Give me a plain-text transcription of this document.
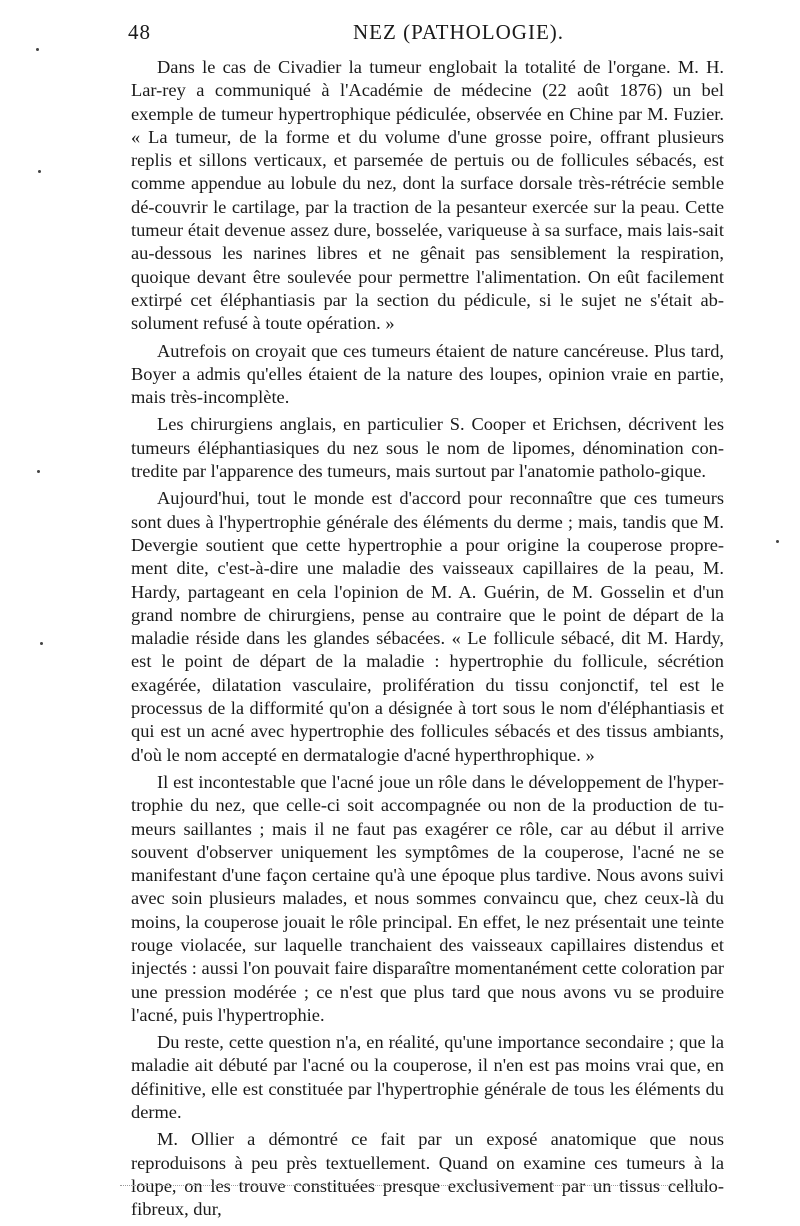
48	NEZ (PATHOLOGIE).

Dans le cas de Civadier la tumeur englobait la totalité de l'organe. M. H. Lar-rey a communiqué à l'Académie de médecine (22 août 1876) un bel exemple de tumeur hypertrophique pédiculée, observée en Chine par M. Fuzier. « La tumeur, de la forme et du volume d'une grosse poire, offrant plusieurs replis et sillons verticaux, et parsemée de pertuis ou de follicules sébacés, est comme appendue au lobule du nez, dont la surface dorsale très-rétrécie semble dé-couvrir le cartilage, par la traction de la pesanteur exercée sur la peau. Cette tumeur était devenue assez dure, bosselée, variqueuse à sa surface, mais lais-sait au-dessous les narines libres et ne gênait pas sensiblement la respiration, quoique devant être soulevée pour permettre l'alimentation. On eût facilement extirpé cet éléphantiasis par la section du pédicule, si le sujet ne s'était ab-solument refusé à toute opération. »

Autrefois on croyait que ces tumeurs étaient de nature cancéreuse. Plus tard, Boyer a admis qu'elles étaient de la nature des loupes, opinion vraie en partie, mais très-incomplète.

Les chirurgiens anglais, en particulier S. Cooper et Erichsen, décrivent les tumeurs éléphantiasiques du nez sous le nom de lipomes, dénomination con-tredite par l'apparence des tumeurs, mais surtout par l'anatomie patholo-gique.

Aujourd'hui, tout le monde est d'accord pour reconnaître que ces tumeurs sont dues à l'hypertrophie générale des éléments du derme ; mais, tandis que M. Devergie soutient que cette hypertrophie a pour origine la couperose propre-ment dite, c'est-à-dire une maladie des vaisseaux capillaires de la peau, M. Hardy, partageant en cela l'opinion de M. A. Guérin, de M. Gosselin et d'un grand nombre de chirurgiens, pense au contraire que le point de départ de la maladie réside dans les glandes sébacées. « Le follicule sébacé, dit M. Hardy, est le point de départ de la maladie : hypertrophie du follicule, sécrétion exagérée, dilatation vasculaire, prolifération du tissu conjonctif, tel est le processus de la difformité qu'on a désignée à tort sous le nom d'éléphantiasis et qui est un acné avec hypertrophie des follicules sébacés et des tissus ambiants, d'où le nom accepté en dermatalogie d'acné hyperthrophique. »

Il est incontestable que l'acné joue un rôle dans le développement de l'hyper-trophie du nez, que celle-ci soit accompagnée ou non de la production de tu-meurs saillantes ; mais il ne faut pas exagérer ce rôle, car au début il arrive souvent d'observer uniquement les symptômes de la couperose, l'acné ne se manifestant d'une façon certaine qu'à une époque plus tardive. Nous avons suivi avec soin plusieurs malades, et nous sommes convaincu que, chez ceux-là du moins, la couperose jouait le rôle principal. En effet, le nez présentait une teinte rouge violacée, sur laquelle tranchaient des vaisseaux capillaires distendus et injectés : aussi l'on pouvait faire disparaître momentanément cette coloration par une pression modérée ; ce n'est que plus tard que nous avons vu se produire l'acné, puis l'hypertrophie.

Du reste, cette question n'a, en réalité, qu'une importance secondaire ; que la maladie ait débuté par l'acné ou la couperose, il n'en est pas moins vrai que, en définitive, elle est constituée par l'hypertrophie générale de tous les éléments du derme.

M. Ollier a démontré ce fait par un exposé anatomique que nous reproduisons à peu près textuellement. Quand on examine ces tumeurs à la loupe, on les trouve constituées presque exclusivement par un tissus cellulo-fibreux, dur,
